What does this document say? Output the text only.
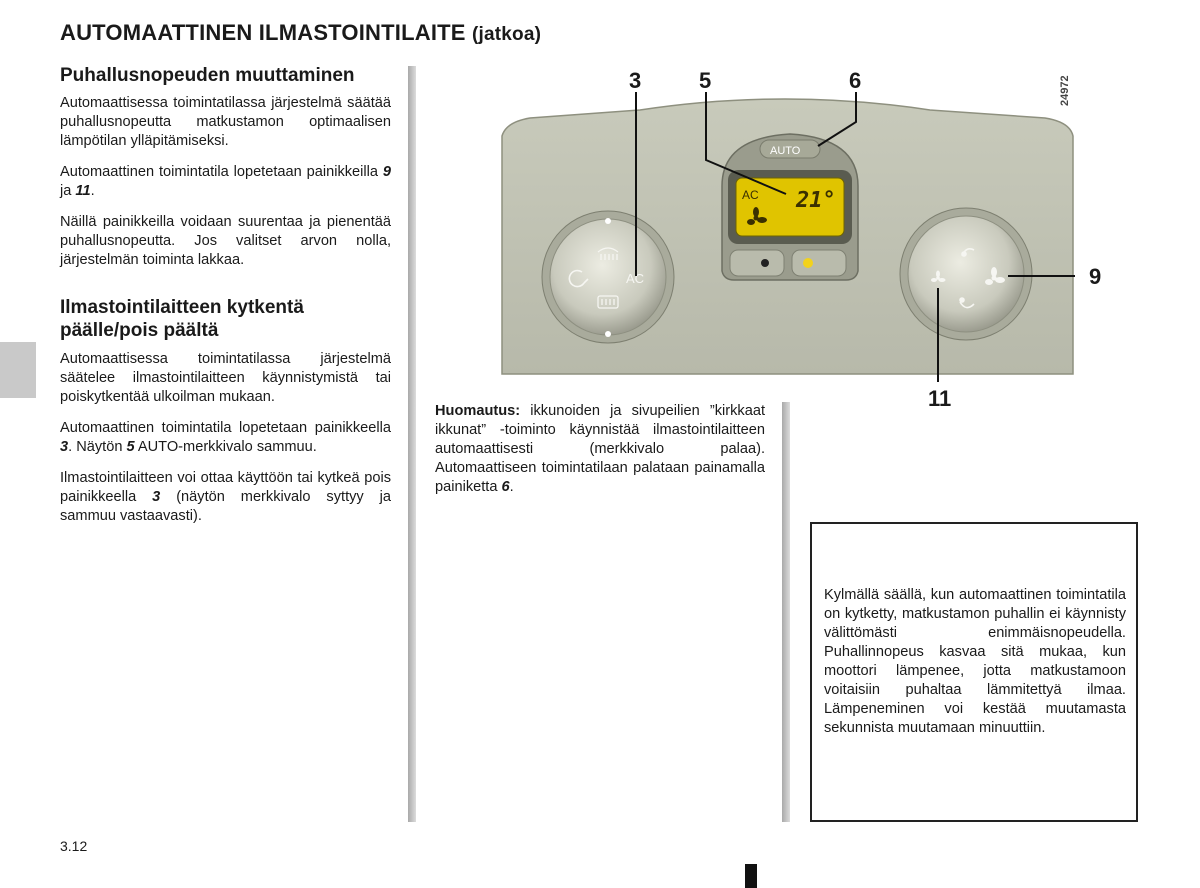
AUTOMAATTINEN ILMASTOINTILAITE (jatkoa)
Puhallusnopeuden muuttaminen

Automaattisessa toimintatilassa järjestelmä säätää puhallusnopeutta matkustamon optimaalisen lämpötilan ylläpitämiseksi.

Automaattinen toimintatila lopetetaan painikkeilla 9 ja 11.

Näillä painikkeilla voidaan suurentaa ja pienentää puhallusnopeutta. Jos valitset arvon nolla, järjestelmän toiminta lakkaa.

Ilmastointilaitteen kytkentä
päälle/pois päältä

Automaattisessa toimintatilassa järjestelmä säätelee ilmastointilaitteen käynnistymistä tai poiskytkentää ulkoilman mukaan.

Automaattinen toimintatila lopetetaan painikkeella 3. Näytön 5 AUTO-merkkivalo sammuu.

Ilmastointilaitteen voi ottaa käyttöön tai kytkeä pois painikkeella 3 (näytön merkkivalo syttyy ja sammuu vastaavasti).

AC 21°
AUTO
AC
3	5	6	24972
9
11
Huomautus: ikkunoiden ja sivupeilien ”kirkkaat ikkunat” -toiminto käynnistää ilmastointilaitteen automaattisesti (merkkivalo palaa). Automaattiseen toimintatilaan palataan painamalla painiketta 6.
Kylmällä säällä, kun automaattinen toimintatila on kytketty, matkustamon puhallin ei käynnisty välittömästi enimmäisnopeudella. Puhallinnopeus kasvaa sitä mukaa, kun moottori lämpenee, jotta matkustamoon voitaisiin puhaltaa lämmitettyä ilmaa. Lämpeneminen voi kestää muutamasta sekunnista muutamaan minuuttiin.
3.12
